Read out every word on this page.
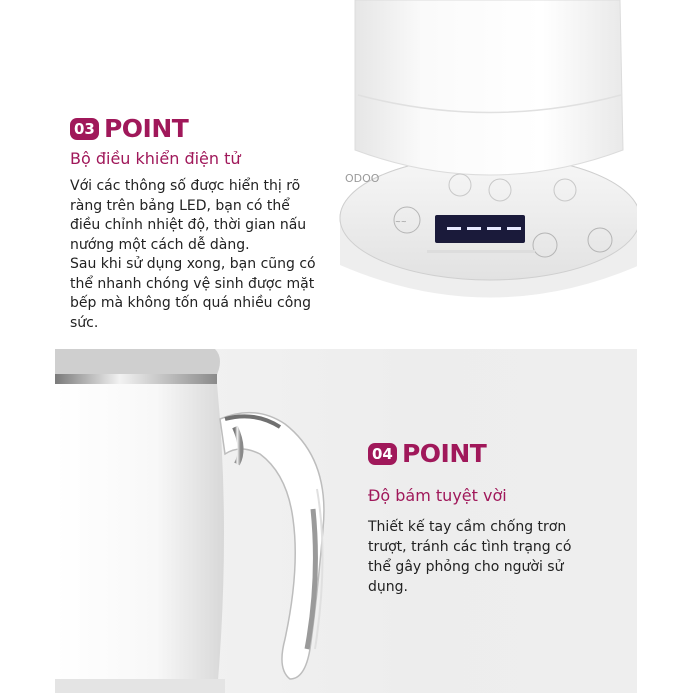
~~
ODOO
03 POINT
Bộ điều khiển điện tử
Với các thông số được hiển thị rõ
ràng trên bảng LED, bạn có thể
điều chỉnh nhiệt độ, thời gian nấu
nướng một cách dễ dàng.
Sau khi sử dụng xong, bạn cũng có
thể nhanh chóng vệ sinh được mặt
bếp mà không tốn quá nhiều công
sức.
04 POINT
Độ bám tuyệt vời
Thiết kế tay cầm chống trơn
trượt, tránh các tình trạng có
thể gây phỏng cho người sử
dụng.
